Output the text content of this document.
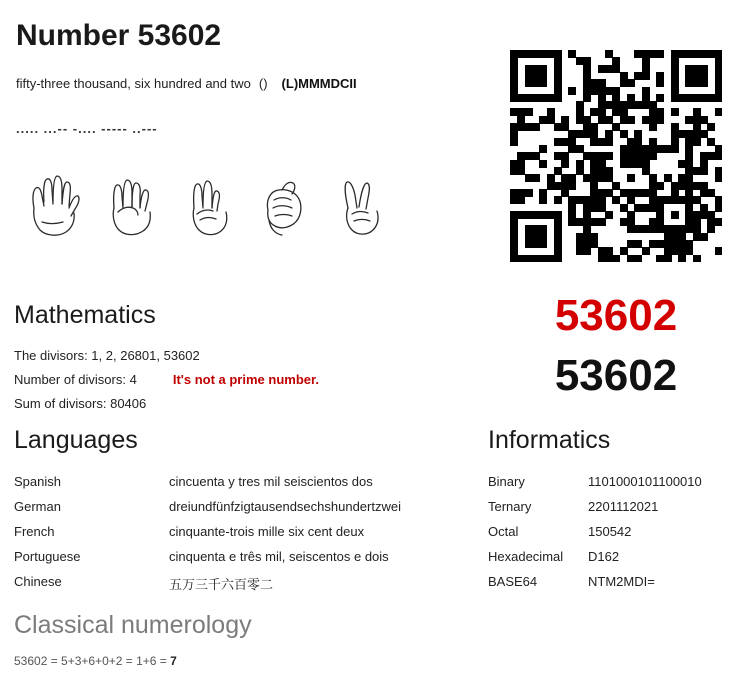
Number 53602
fifty-three thousand, six hundred and two () (L)MMMDCII
..... ...-- -.... ----- ..---
53602
53602
Mathematics
The divisors: 1, 2, 26801, 53602
Number of divisors: 4	It's not a prime number.
Sum of divisors: 80406
Languages
Spanish	cincuenta y tres mil seiscientos dos
German	dreiundfünfzigtausendsechshundertzwei
French	cinquante-trois mille six cent deux
Portuguese	cinquenta e três mil, seiscentos e dois
Chinese	五万三千六百零二
Informatics
Binary	1101000101100010
Ternary	2201112021
Octal	150542
Hexadecimal	D162
BASE64	NTM2MDI=
Classical numerology
53602 = 5+3+6+0+2 = 1+6 = 7
